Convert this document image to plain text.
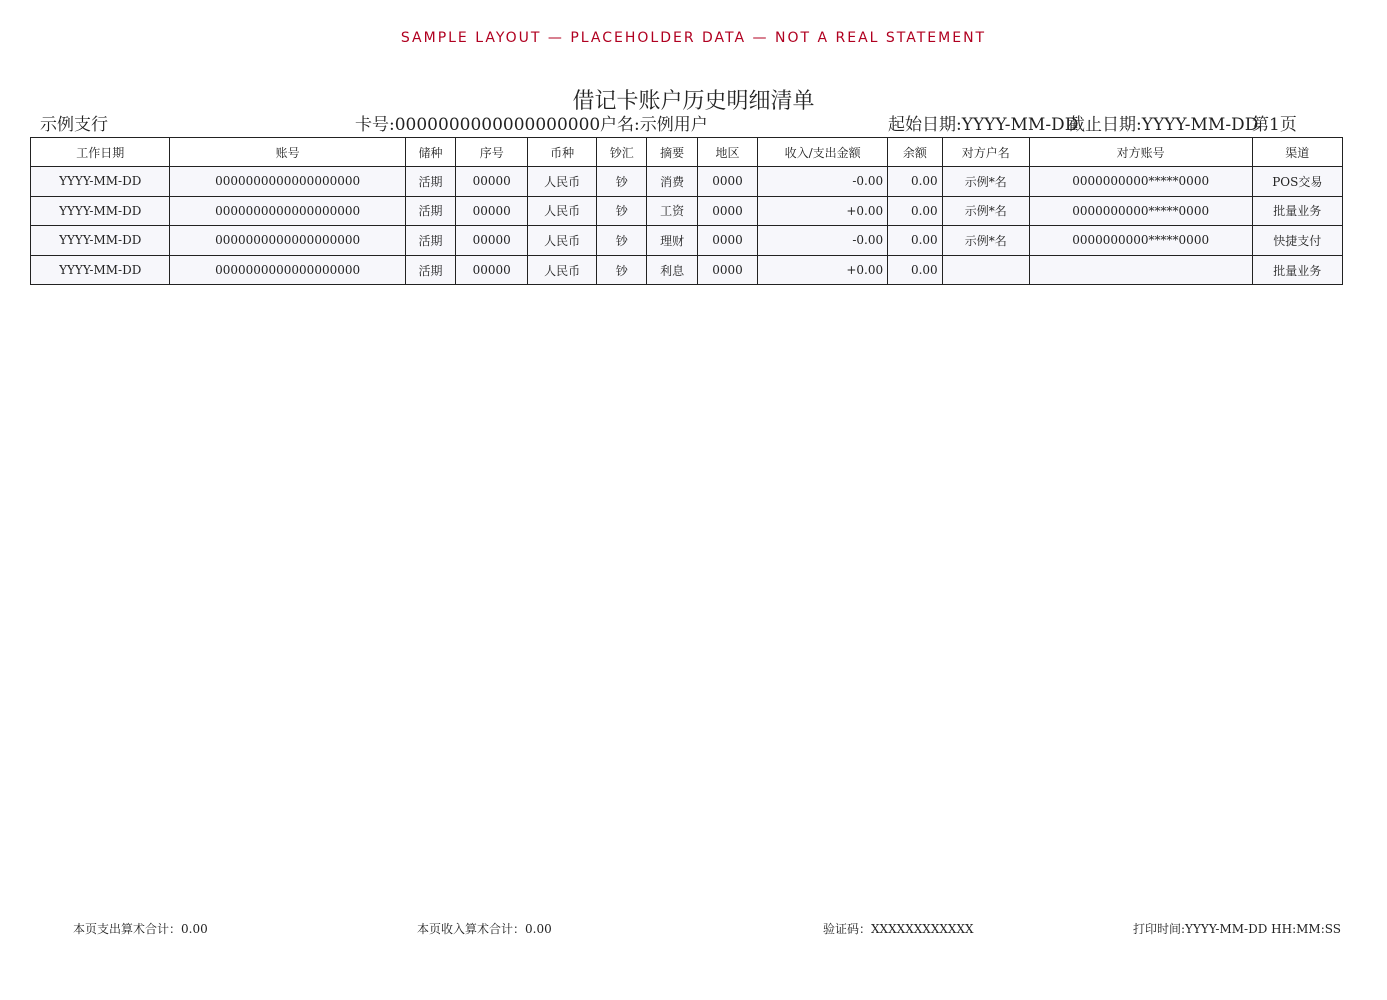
SAMPLE LAYOUT — PLACEHOLDER DATA — NOT A REAL STATEMENT
借记卡账户历史明细清单
示例支行	卡号:0000000000000000000 户名:示例用户	起始日期:YYYY-MM-DD
截止日期:YYYY-MM-DD
第1页
工作日期	账号	储种	序号	币种	钞汇	摘要	地区	收入/支出金额	余额	对方户名	对方账号	渠道
YYYY-MM-DD	0000000000000000000	活期	00000	人民币	钞	消费	0000	-0.00	0.00	示例*名	0000000000*****0000	POS交易
YYYY-MM-DD	0000000000000000000	活期	00000	人民币	钞	工资	0000	+0.00	0.00	示例*名	0000000000*****0000	批量业务
YYYY-MM-DD	0000000000000000000	活期	00000	人民币	钞	理财	0000	-0.00	0.00	示例*名	0000000000*****0000	快捷支付
YYYY-MM-DD	0000000000000000000	活期	00000	人民币	钞	利息	0000	+0.00	0.00			批量业务
本页支出算术合计：0.00	本页收入算术合计：0.00	验证码：XXXXXXXXXXXX	打印时间:YYYY-MM-DD HH:MM:SS
